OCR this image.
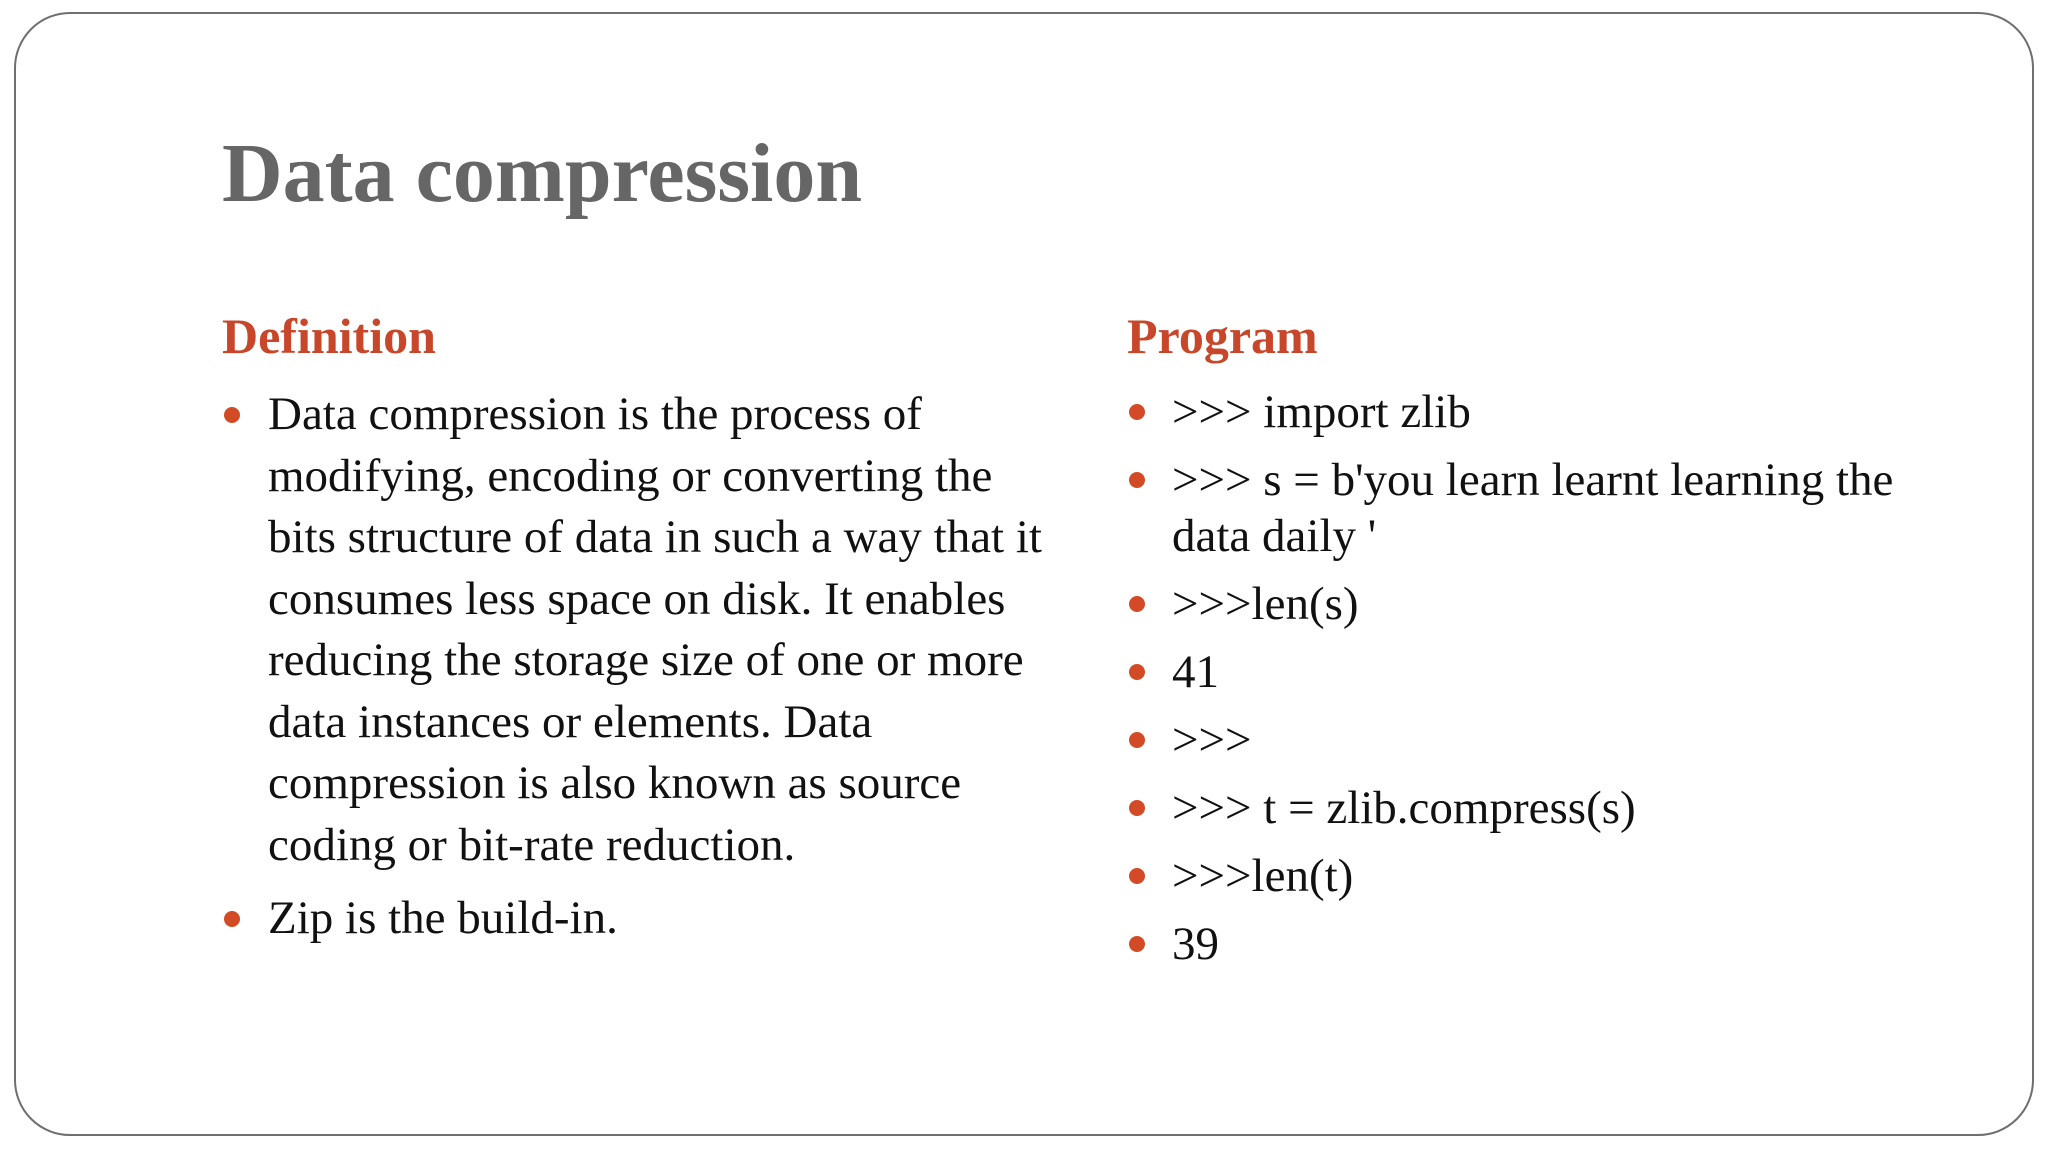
Data compression
Definition
Data compression is the process of modifying, encoding or converting the bits structure of data in such a way that it consumes less space on disk. It enables reducing the storage size of one or more data instances or elements. Data compression is also known as source coding or bit-rate reduction.
Zip is the build-in.
Program
>>> import zlib
>>> s = b'you learn learnt learning the data daily '
>>>len(s)
41
>>>
>>> t = zlib.compress(s)
>>>len(t)
39
